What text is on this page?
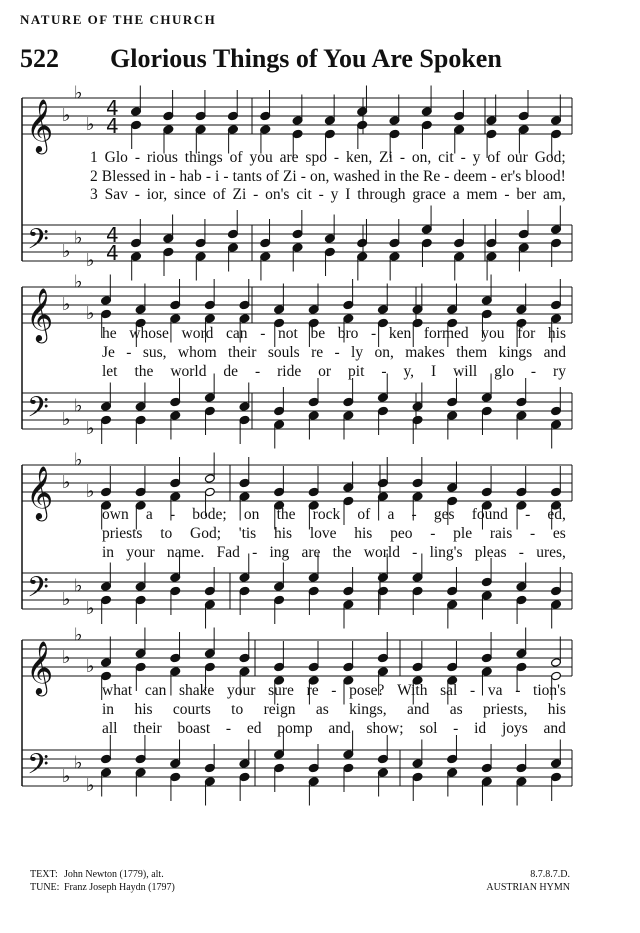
NATURE OF THE CHURCH
522 Glorious Things of You Are Spoken
𝄞
𝄢
♭
♭
♭
♭
♭
♭
4
4
4
4
𝄞
𝄢
♭
♭
♭
♭
♭
♭
𝄞
𝄢
♭
♭
♭
♭
♭
♭
𝄞
𝄢
♭
♭
♭
♭
♭
♭
1 Glo - rious things of you are spo - ken, Zi - on, cit - y of our God;
2 Blessed in - hab - i - tants of Zi - on, washed in the Re - deem - er's blood!
3 Sav - ior, since of Zi - on's cit - y I through grace a mem - ber am,
he whose word can - not be bro - ken formed you for his
Je - sus, whom their souls re - ly on, makes them kings and
let the world de - ride or pit - y, I will glo - ry
own a - bode; on the rock of a - ges found - ed,
priests to God; 'tis his love his peo - ple rais - es
in your name. Fad - ing are the world - ling's pleas - ures,
what can shake your sure re - pose? With sal - va - tion's
in his courts to reign as kings, and as priests, his
all their boast - ed pomp and show; sol - id joys and
TEXT: John Newton (1779), alt.
TUNE: Franz Joseph Haydn (1797)
8.7.8.7.D.
AUSTRIAN HYMN
